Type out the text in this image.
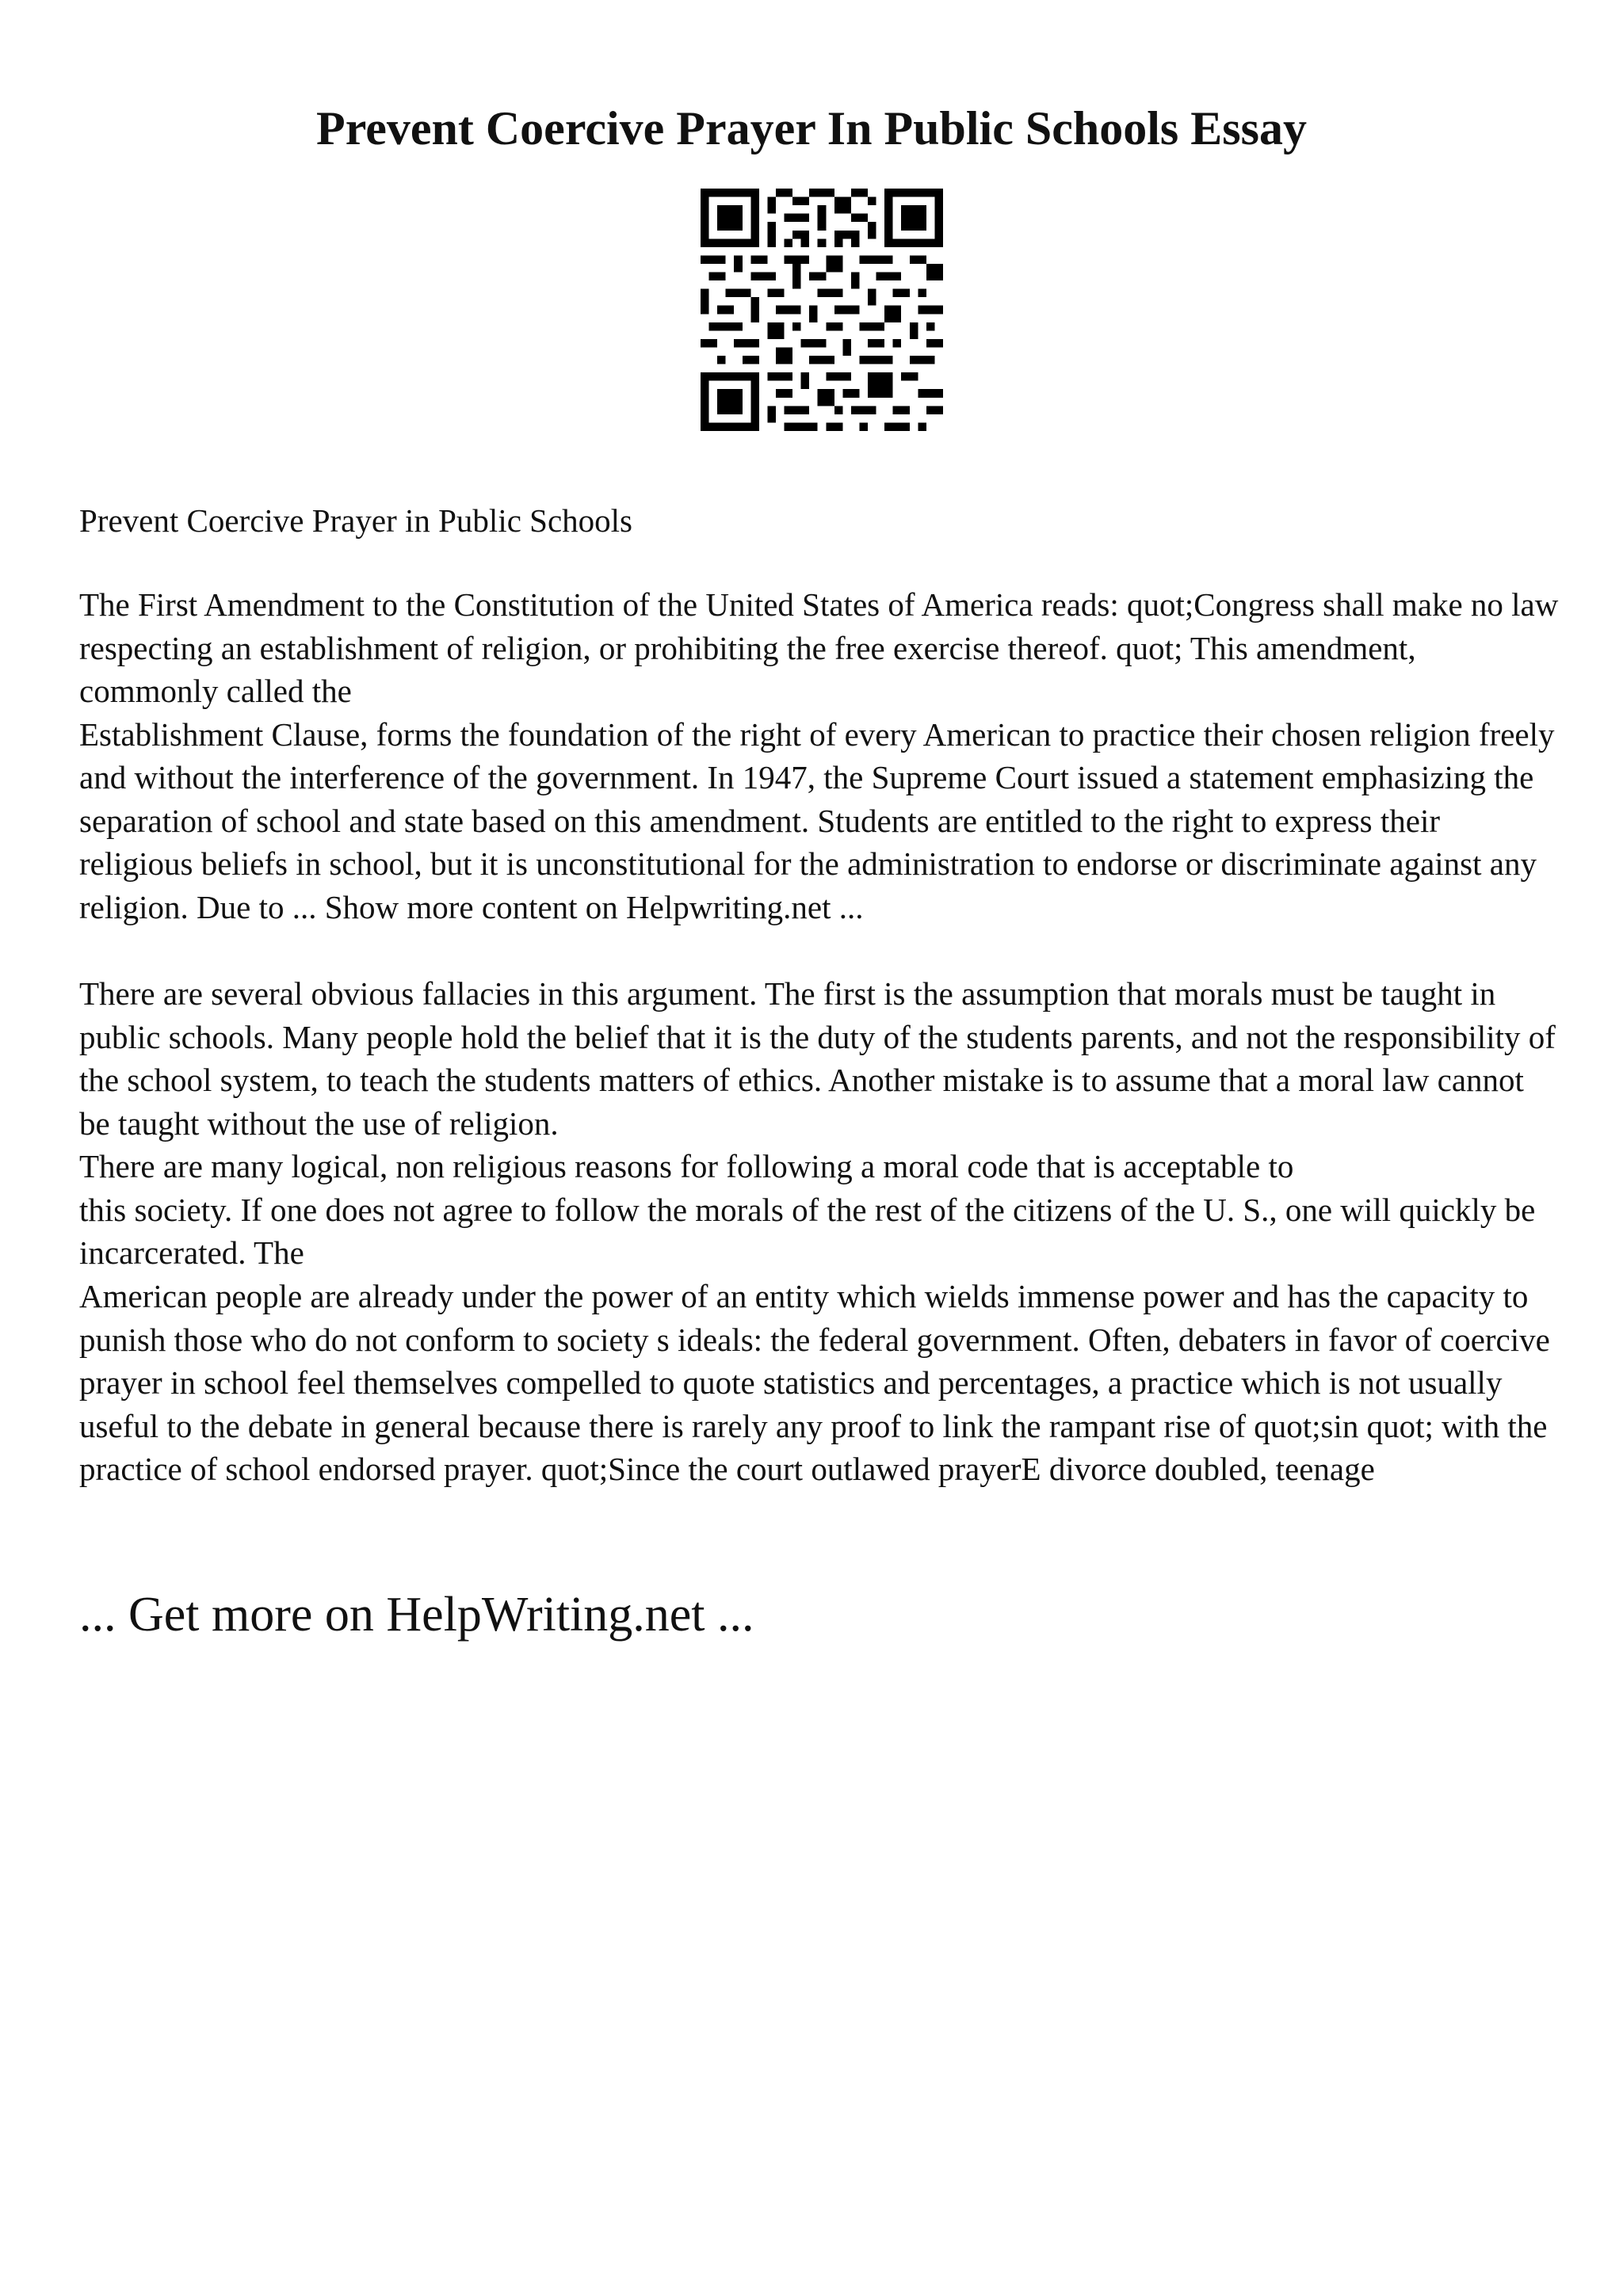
Prevent Coercive Prayer In Public Schools Essay

Prevent Coercive Prayer in Public Schools

The First Amendment to the Constitution of the United States of America reads: quot;Congress shall make no law respecting an establishment of religion, or prohibiting the free exercise thereof. quot; This amendment, commonly called the
Establishment Clause, forms the foundation of the right of every American to practice their chosen religion freely and without the interference of the government. In 1947, the Supreme Court issued a statement emphasizing the separation of school and state based on this amendment. Students are entitled to the right to express their religious beliefs in school, but it is unconstitutional for the administration to endorse or discriminate against any religion. Due to ... Show more content on Helpwriting.net ...

There are several obvious fallacies in this argument. The first is the assumption that morals must be taught in public schools. Many people hold the belief that it is the duty of the students parents, and not the responsibility of the school system, to teach the students matters of ethics. Another mistake is to assume that a moral law cannot be taught without the use of religion.

There are many logical, non religious reasons for following a moral code that is acceptable to
this society. If one does not agree to follow the morals of the rest of the citizens of the U. S., one will quickly be incarcerated. The

American people are already under the power of an entity which wields immense power and has the capacity to punish those who do not conform to society s ideals: the federal government. Often, debaters in favor of coercive prayer in school feel themselves compelled to quote statistics and percentages, a practice which is not usually useful to the debate in general because there is rarely any proof to link the rampant rise of quot;sin quot; with the practice of school endorsed prayer. quot;Since the court outlawed prayerE divorce doubled, teenage

... Get more on HelpWriting.net ...
